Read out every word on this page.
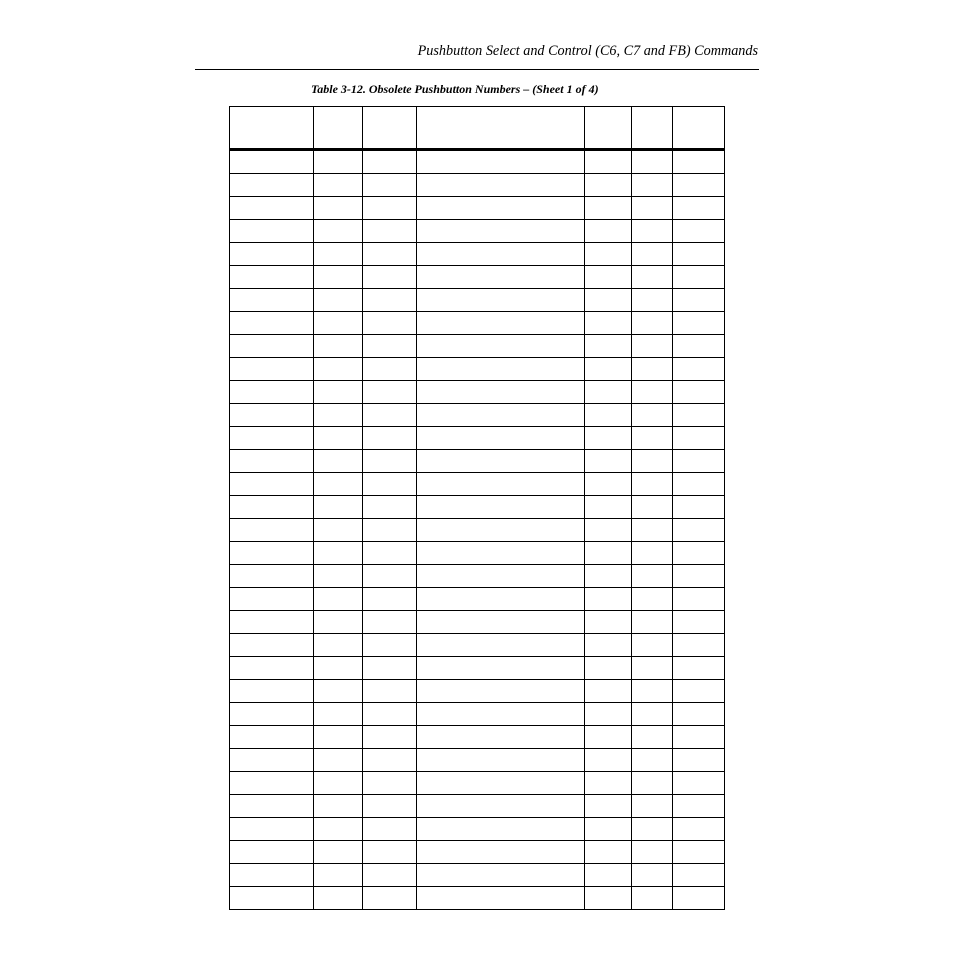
Pushbutton Select and Control (C6, C7 and FB) Commands
Table 3-12. Obsolete Pushbutton Numbers – (Sheet 1 of 4)
